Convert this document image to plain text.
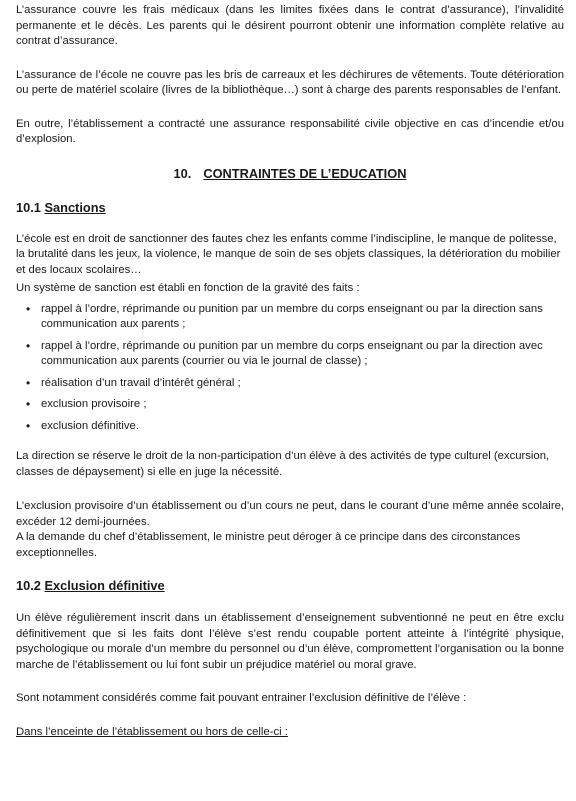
L’assurance couvre les frais médicaux (dans les limites fixées dans le contrat d’assurance), l’invalidité permanente et le décès. Les parents qui le désirent pourront obtenir une information complète relative au contrat d’assurance.

L’assurance de l’école ne couvre pas les bris de carreaux et les déchirures de vêtements. Toute détérioration ou perte de matériel scolaire (livres de la bibliothèque…) sont à charge des parents responsables de l’enfant.

En outre, l’établissement a contracté une assurance responsabilité civile objective en cas d’incendie et/ou d’explosion.

10. CONTRAINTES DE L’EDUCATION
10.1 Sanctions

L’école est en droit de sanctionner des fautes chez les enfants comme l’indiscipline, le manque de politesse, la brutalité dans les jeux, la violence, le manque de soin de ses objets classiques, la détérioration du mobilier et des locaux scolaires…

Un système de sanction est établi en fonction de la gravité des faits :

• rappel à l’ordre, réprimande ou punition par un membre du corps enseignant ou par la direction sans communication aux parents ;
• rappel à l’ordre, réprimande ou punition par un membre du corps enseignant ou par la direction avec communication aux parents (courrier ou via le journal de classe) ;
• réalisation d’un travail d’intérêt général ;
• exclusion provisoire ;
• exclusion définitive.

La direction se réserve le droit de la non-participation d’un élève à des activités de type culturel (excursion, classes de dépaysement) si elle en juge la nécessité.

L’exclusion provisoire d’un établissement ou d’un cours ne peut, dans le courant d’une même année scolaire, excéder 12 demi-journées.

A la demande du chef d’établissement, le ministre peut déroger à ce principe dans des circonstances exceptionnelles.

10.2 Exclusion définitive

Un élève régulièrement inscrit dans un établissement d’enseignement subventionné ne peut en être exclu définitivement que si les faits dont l’élève s’est rendu coupable portent atteinte à l’intégrité physique, psychologique ou morale d’un membre du personnel ou d’un élève, compromettent l’organisation ou la bonne marche de l’établissement ou lui font subir un préjudice matériel ou moral grave.

Sont notamment considérés comme fait pouvant entrainer l’exclusion définitive de l’élève :

Dans l’enceinte de l’établissement ou hors de celle-ci :
